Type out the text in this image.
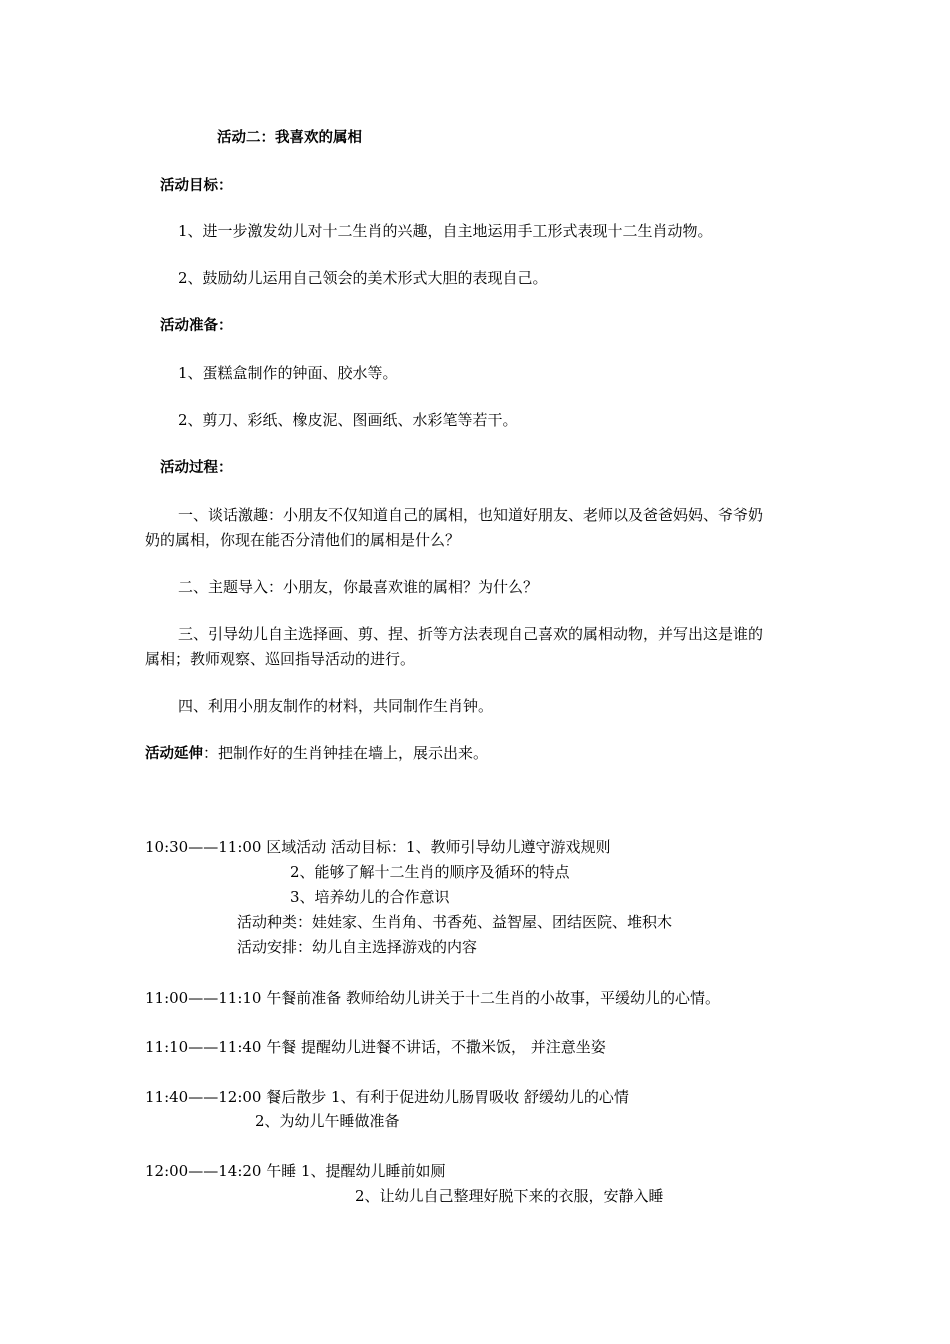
活动二：我喜欢的属相
活动目标：
1、进一步激发幼儿对十二生肖的兴趣，自主地运用手工形式表现十二生肖动物。
2、鼓励幼儿运用自己领会的美术形式大胆的表现自己。
活动准备：
1、蛋糕盒制作的钟面、胶水等。
2、剪刀、彩纸、橡皮泥、图画纸、水彩笔等若干。
活动过程：
一、谈话激趣：小朋友不仅知道自己的属相，也知道好朋友、老师以及爸爸妈妈、爷爷奶
奶的属相，你现在能否分清他们的属相是什么？
二、主题导入：小朋友，你最喜欢谁的属相？为什么？
三、引导幼儿自主选择画、剪、捏、折等方法表现自己喜欢的属相动物，并写出这是谁的
属相；教师观察、巡回指导活动的进行。
四、利用小朋友制作的材料，共同制作生肖钟。
活动延伸：把制作好的生肖钟挂在墙上，展示出来。
10:30——11:00 区域活动 活动目标：1、教师引导幼儿遵守游戏规则
2、能够了解十二生肖的顺序及循环的特点
3、培养幼儿的合作意识
活动种类：娃娃家、生肖角、书香苑、益智屋、团结医院、堆积木
活动安排：幼儿自主选择游戏的内容
11:00——11:10 午餐前准备 教师给幼儿讲关于十二生肖的小故事，平缓幼儿的心情。
11:10——11:40 午餐 提醒幼儿进餐不讲话，不撒米饭， 并注意坐姿
11:40——12:00 餐后散步 1、有利于促进幼儿肠胃吸收 舒缓幼儿的心情
2、为幼儿午睡做准备
12:00——14:20 午睡 1、提醒幼儿睡前如厕
2、让幼儿自己整理好脱下来的衣服，安静入睡
